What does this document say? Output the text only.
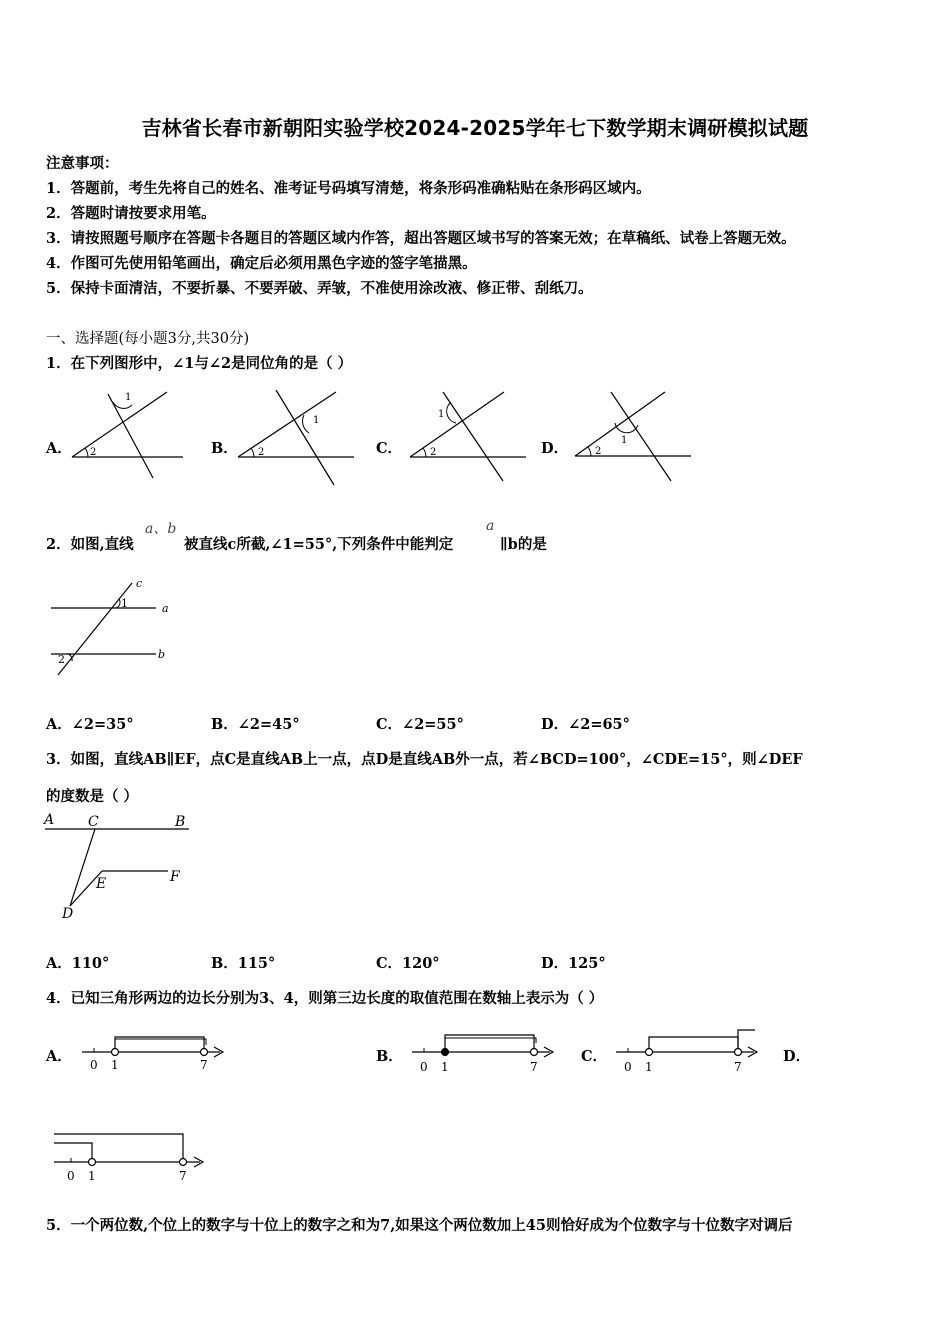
吉林省长春市新朝阳实验学校2024-2025学年七下数学期末调研模拟试题
注意事项：
1．答题前，考生先将自己的姓名、准考证号码填写清楚，将条形码准确粘贴在条形码区域内。
2．答题时请按要求用笔。
3．请按照题号顺序在答题卡各题目的答题区域内作答，超出答题区域书写的答案无效；在草稿纸、试卷上答题无效。
4．作图可先使用铅笔画出，确定后必须用黑色字迹的签字笔描黑。
5．保持卡面清洁，不要折暴、不要弄破、弄皱，不准使用涂改液、修正带、刮纸刀。
一、选择题(每小题3分,共30分)
1．在下列图形中，∠1与∠2是同位角的是（ ）
A．
1
2	B．
1
2	C．
1
2	D．	1
2
2．如图,直线
a、b
被直线c所截,∠1=55°,下列条件中能判定
a
∥b的是
c
a
b
1
2
A．∠2=35°	B．∠2=45°	C．∠2=55°	D．∠2=65°
3．如图，直线AB∥EF，点C是直线AB上一点，点D是直线AB外一点，若∠BCD=100°，∠CDE=15°，则∠DEF
的度数是（ ）
A C	B
E	F
D
A．110°	B．115°	C．120°	D．125°
4．已知三角形两边的边长分别为3、4，则第三边长度的取值范围在数轴上表示为（ ）
A． 0 1	7	B．
0 1	7
C．
0 1	7
D．
0 1	7
5．一个两位数,个位上的数字与十位上的数字之和为7,如果这个两位数加上45则恰好成为个位数字与十位数字对调后
